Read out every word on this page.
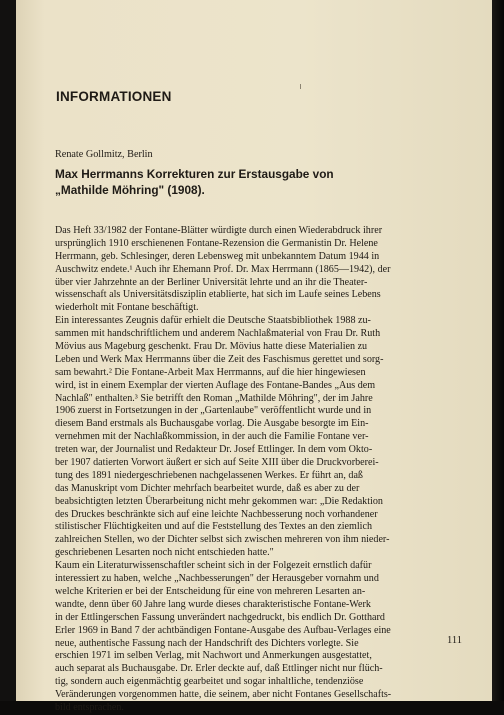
INFORMATIONEN

Renate Gollmitz, Berlin

Max Herrmanns Korrekturen zur Erstausgabe von
„Mathilde Möhring" (1908).
Das Heft 33/1982 der Fontane-Blätter würdigte durch einen Wiederabdruck ihrer
ursprünglich 1910 erschienenen Fontane-Rezension die Germanistin Dr. Helene
Herrmann, geb. Schlesinger, deren Lebensweg mit unbekanntem Datum 1944 in
Auschwitz endete.¹ Auch ihr Ehemann Prof. Dr. Max Herrmann (1865—1942), der
über vier Jahrzehnte an der Berliner Universität lehrte und an ihr die Theater-
wissenschaft als Universitätsdisziplin etablierte, hat sich im Laufe seines Lebens
wiederholt mit Fontane beschäftigt.
Ein interessantes Zeugnis dafür erhielt die Deutsche Staatsbibliothek 1988 zu-
sammen mit handschriftlichem und anderem Nachlaßmaterial von Frau Dr. Ruth
Mövius aus Mageburg geschenkt. Frau Dr. Mövius hatte diese Materialien zu
Leben und Werk Max Herrmanns über die Zeit des Faschismus gerettet und sorg-
sam bewahrt.² Die Fontane-Arbeit Max Herrmanns, auf die hier hingewiesen
wird, ist in einem Exemplar der vierten Auflage des Fontane-Bandes „Aus dem
Nachlaß" enthalten.³ Sie betrifft den Roman „Mathilde Möhring", der im Jahre
1906 zuerst in Fortsetzungen in der „Gartenlaube" veröffentlicht wurde und in
diesem Band erstmals als Buchausgabe vorlag. Die Ausgabe besorgte im Ein-
vernehmen mit der Nachlaßkommission, in der auch die Familie Fontane ver-
treten war, der Journalist und Redakteur Dr. Josef Ettlinger. In dem vom Okto-
ber 1907 datierten Vorwort äußert er sich auf Seite XIII über die Druckvorberei-
tung des 1891 niedergeschriebenen nachgelassenen Werkes. Er führt an, daß
das Manuskript vom Dichter mehrfach bearbeitet wurde, daß es aber zu der
beabsichtigten letzten Überarbeitung nicht mehr gekommen war: „Die Redaktion
des Druckes beschränkte sich auf eine leichte Nachbesserung noch vorhandener
stilistischer Flüchtigkeiten und auf die Feststellung des Textes an den ziemlich
zahlreichen Stellen, wo der Dichter selbst sich zwischen mehreren von ihm nieder-
geschriebenen Lesarten noch nicht entschieden hatte."
Kaum ein Literaturwissenschaftler scheint sich in der Folgezeit ernstlich dafür
interessiert zu haben, welche „Nachbesserungen" der Herausgeber vornahm und
welche Kriterien er bei der Entscheidung für eine von mehreren Lesarten an-
wandte, denn über 60 Jahre lang wurde dieses charakteristische Fontane-Werk
in der Ettlingerschen Fassung unverändert nachgedruckt, bis endlich Dr. Gotthard
Erler 1969 in Band 7 der achtbändigen Fontane-Ausgabe des Aufbau-Verlages eine
neue, authentische Fassung nach der Handschrift des Dichters vorlegte. Sie
erschien 1971 im selben Verlag, mit Nachwort und Anmerkungen ausgestattet,
auch separat als Buchausgabe. Dr. Erler deckte auf, daß Ettlinger nicht nur flüch-
tig, sondern auch eigenmächtig gearbeitet und sogar inhaltliche, tendenziöse
Veränderungen vorgenommen hatte, die seinem, aber nicht Fontanes Gesellschafts-
bild entsprachen.

111
